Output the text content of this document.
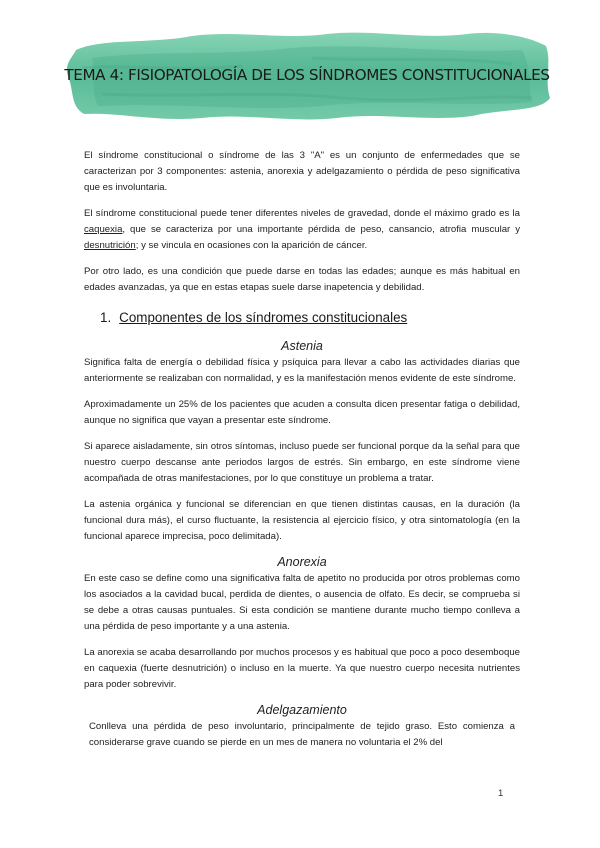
TEMA 4: FISIOPATOLOGÍA DE LOS SÍNDROMES CONSTITUCIONALES

El síndrome constitucional o síndrome de las 3 "A" es un conjunto de enfermedades que se caracterizan por 3 componentes: astenia, anorexia y adelgazamiento o pérdida de peso significativa que es involuntaria.

El síndrome constitucional puede tener diferentes niveles de gravedad, donde el máximo grado es la caquexia, que se caracteriza por una importante pérdida de peso, cansancio, atrofia muscular y desnutrición; y se vincula en ocasiones con la aparición de cáncer.

Por otro lado, es una condición que puede darse en todas las edades; aunque es más habitual en edades avanzadas, ya que en estas etapas suele darse inapetencia y debilidad.

1. Componentes de los síndromes constitucionales
Astenia

Significa falta de energía o debilidad física y psíquica para llevar a cabo las actividades diarias que anteriormente se realizaban con normalidad, y es la manifestación menos evidente de este síndrome.

Aproximadamente un 25% de los pacientes que acuden a consulta dicen presentar fatiga o debilidad, aunque no significa que vayan a presentar este síndrome.

Si aparece aisladamente, sin otros síntomas, incluso puede ser funcional porque da la señal para que nuestro cuerpo descanse ante periodos largos de estrés. Sin embargo, en este síndrome viene acompañada de otras manifestaciones, por lo que constituye un problema a tratar.

La astenia orgánica y funcional se diferencian en que tienen distintas causas, en la duración (la funcional dura más), el curso fluctuante, la resistencia al ejercicio físico, y otra sintomatología (en la funcional aparece imprecisa, poco delimitada).

Anorexia

En este caso se define como una significativa falta de apetito no producida por otros problemas como los asociados a la cavidad bucal, perdida de dientes, o ausencia de olfato. Es decir, se comprueba si se debe a otras causas puntuales. Si esta condición se mantiene durante mucho tiempo conlleva a una pérdida de peso importante y a una astenia.

La anorexia se acaba desarrollando por muchos procesos y es habitual que poco a poco desemboque en caquexia (fuerte desnutrición) o incluso en la muerte. Ya que nuestro cuerpo necesita nutrientes para poder sobrevivir.

Adelgazamiento

Conlleva una pérdida de peso involuntario, principalmente de tejido graso. Esto comienza a considerarse grave cuando se pierde en un mes de manera no voluntaria el 2% del

1
